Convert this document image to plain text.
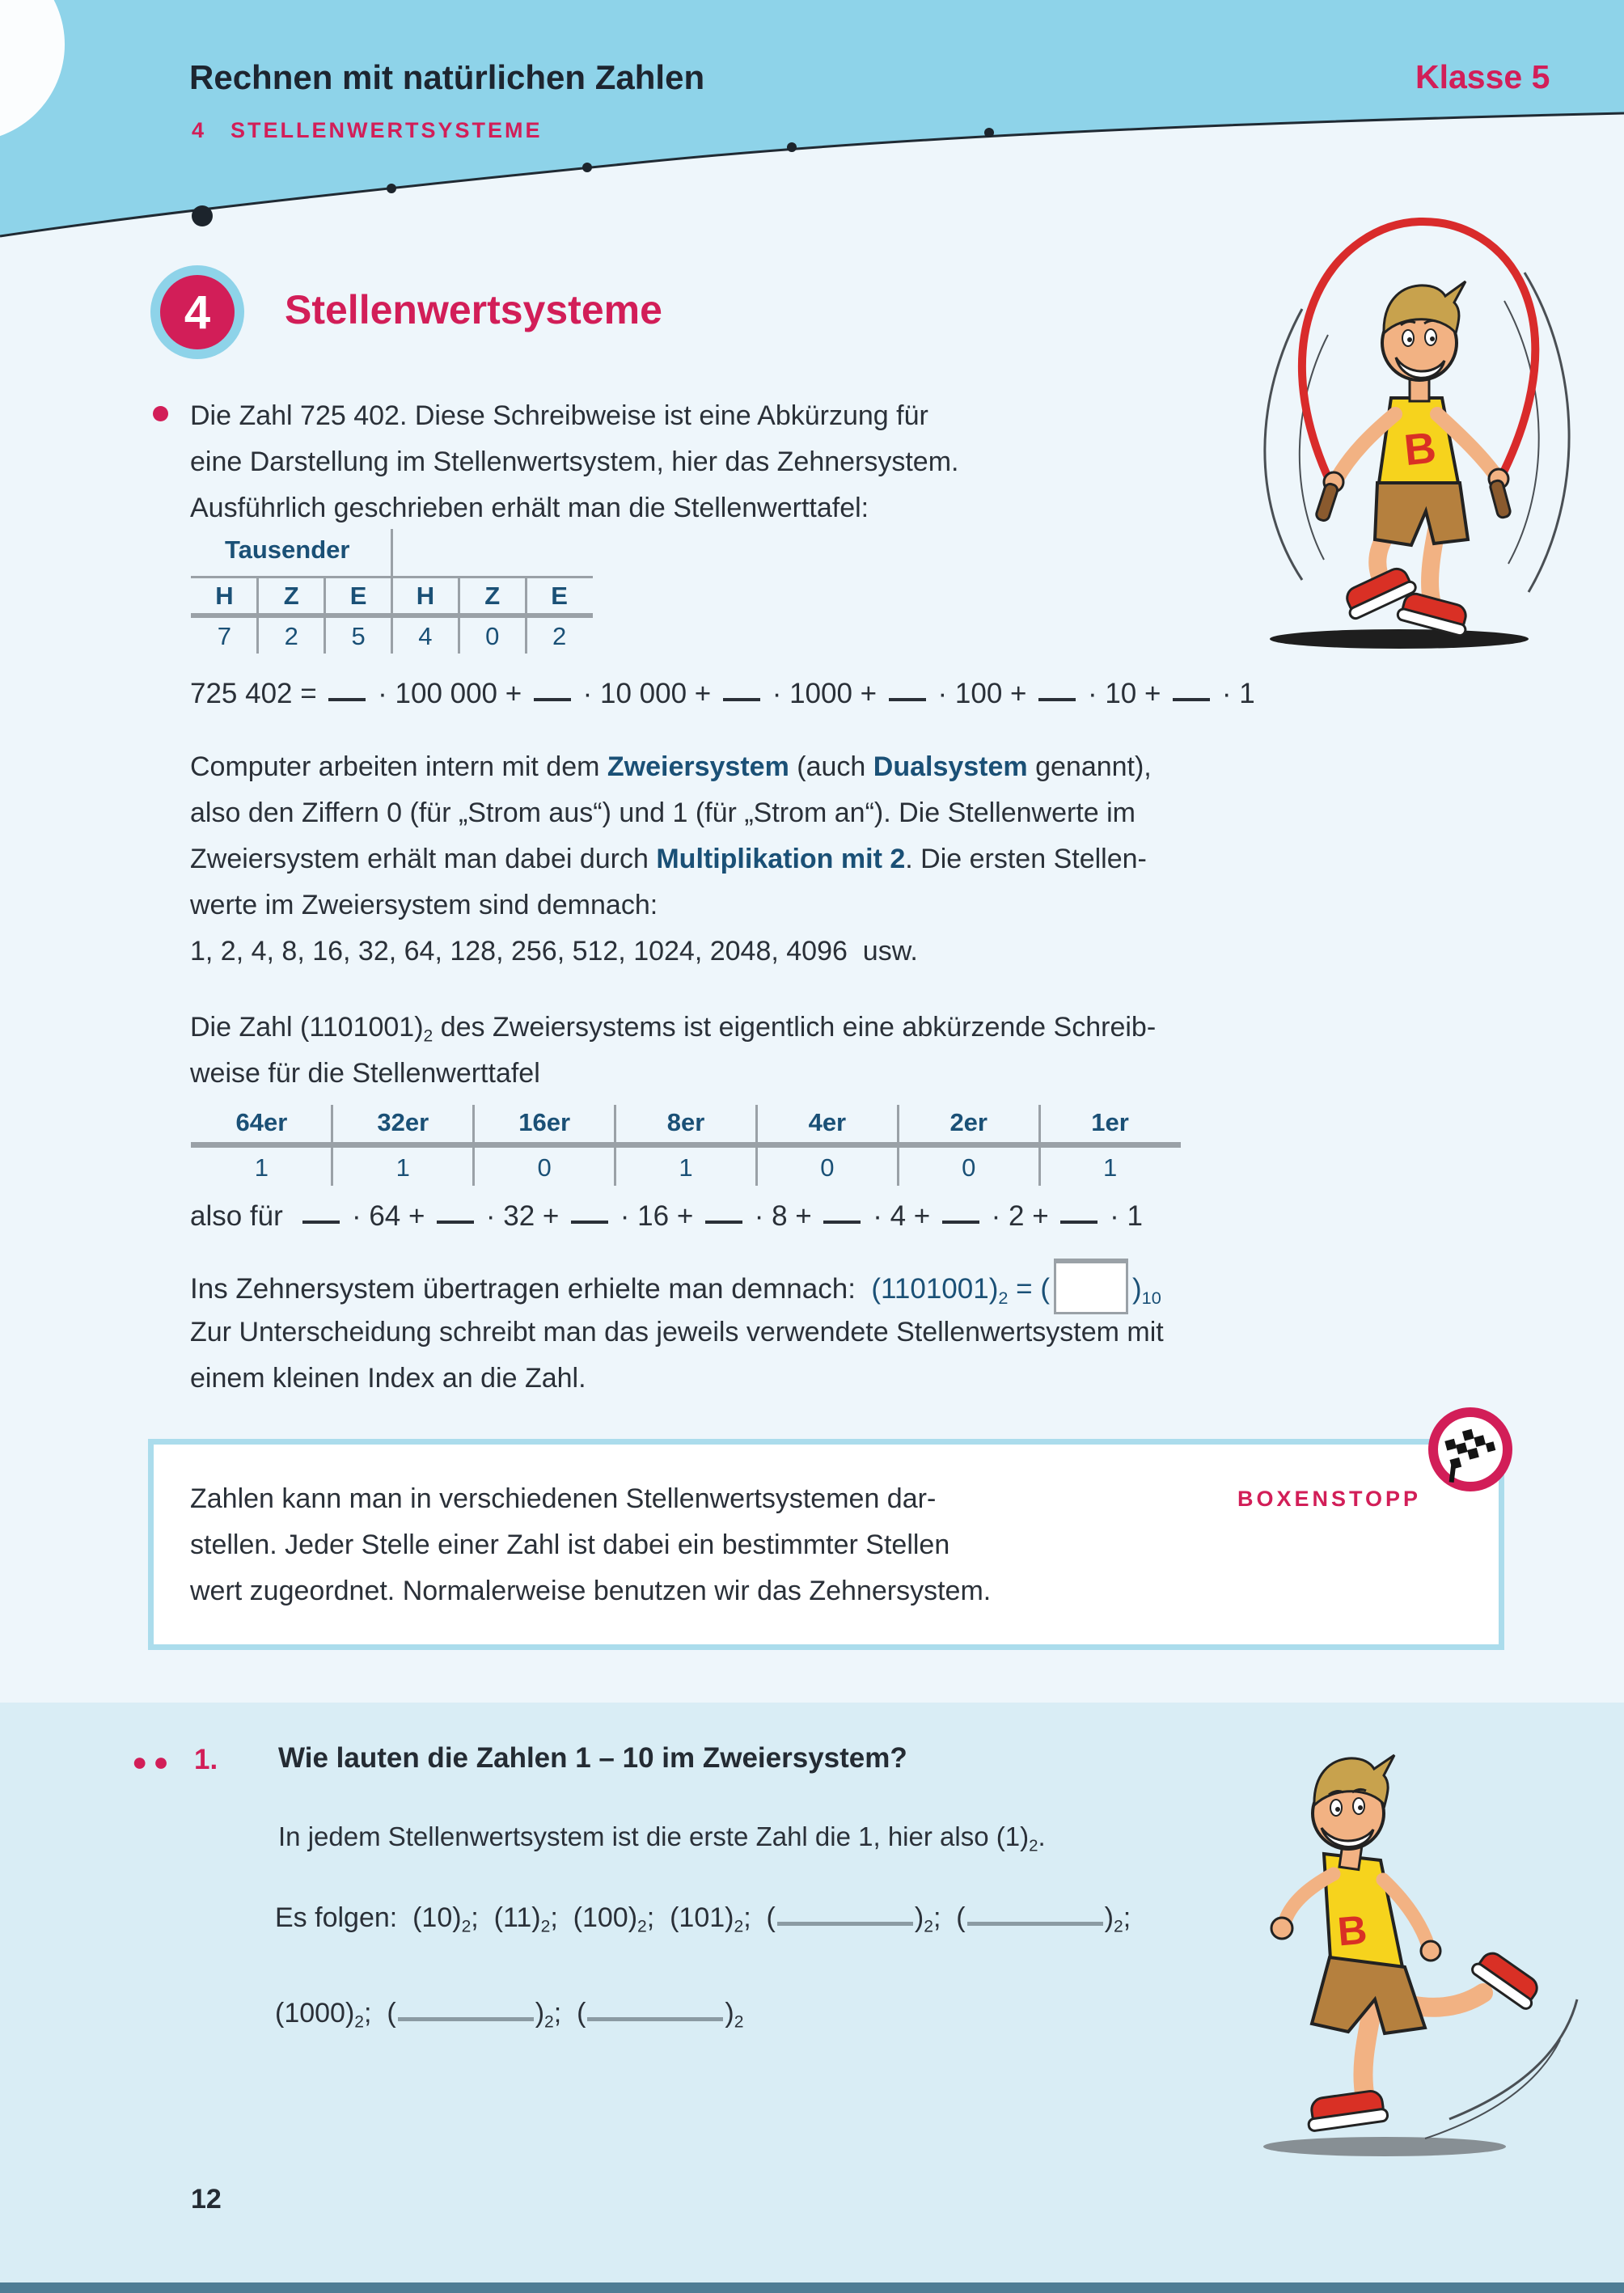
Rechnen mit natürlichen Zahlen
4 STELLENWERTSYSTEME
Klasse 5
4	Stellenwertsysteme
Die Zahl 725 402. Diese Schreibweise ist eine Abkürzung für
eine Darstellung im Stellenwertsystem, hier das Zehnersystem.
Ausführlich geschrieben erhält man die Stellenwerttafel:
Tausender
H	Z	E	H	Z	E
7	2	5	4	0	2
725 402 =  · 100 000 +  · 10 000 +  · 1000 +  · 100 +  · 10 +  · 1
Computer arbeiten intern mit dem Zweiersystem (auch Dualsystem genannt),
also den Ziffern 0 (für „Strom aus“) und 1 (für „Strom an“). Die Stellenwerte im
Zweiersystem erhält man dabei durch Multiplikation mit 2. Die ersten Stellen-
werte im Zweiersystem sind demnach:
1, 2, 4, 8, 16, 32, 64, 128, 256, 512, 1024, 2048, 4096  usw.
Die Zahl $(1101001)_2$ des Zweiersystems ist eigentlich eine abkürzende Schreib-
weise für die Stellenwerttafel
64er	32er	16er	8er	4er	2er	1er
1	1	0	1	0	0	1
also für   · 64 +  · 32 +  · 16 +  · 8 +  · 4 +  · 2 +  · 1
Ins Zehnersystem übertragen erhielte man demnach:  $(1101001)_2$ = (	)$_{10}$
Zur Unterscheidung schreibt man das jeweils verwendete Stellenwertsystem mit
einem kleinen Index an die Zahl.
Zahlen kann man in verschiedenen Stellenwertsystemen dar-
stellen. Jeder Stelle einer Zahl ist dabei ein bestimmter Stellen
wert zugeordnet. Normalerweise benutzen wir das Zehnersystem.
BOXENSTOPP
●● 1. Wie lauten die Zahlen 1 – 10 im Zweiersystem?
In jedem Stellenwertsystem ist die erste Zahl die 1, hier also $(1)_2$.
Es folgen:  $(10)_2$;  $(11)_2$;  $(100)_2$;  $(101)_2$;  (	)$_2$;  (	)$_2$;
$(1000)_2$;  (	)$_2$;  (	)$_2$
B
B
12
